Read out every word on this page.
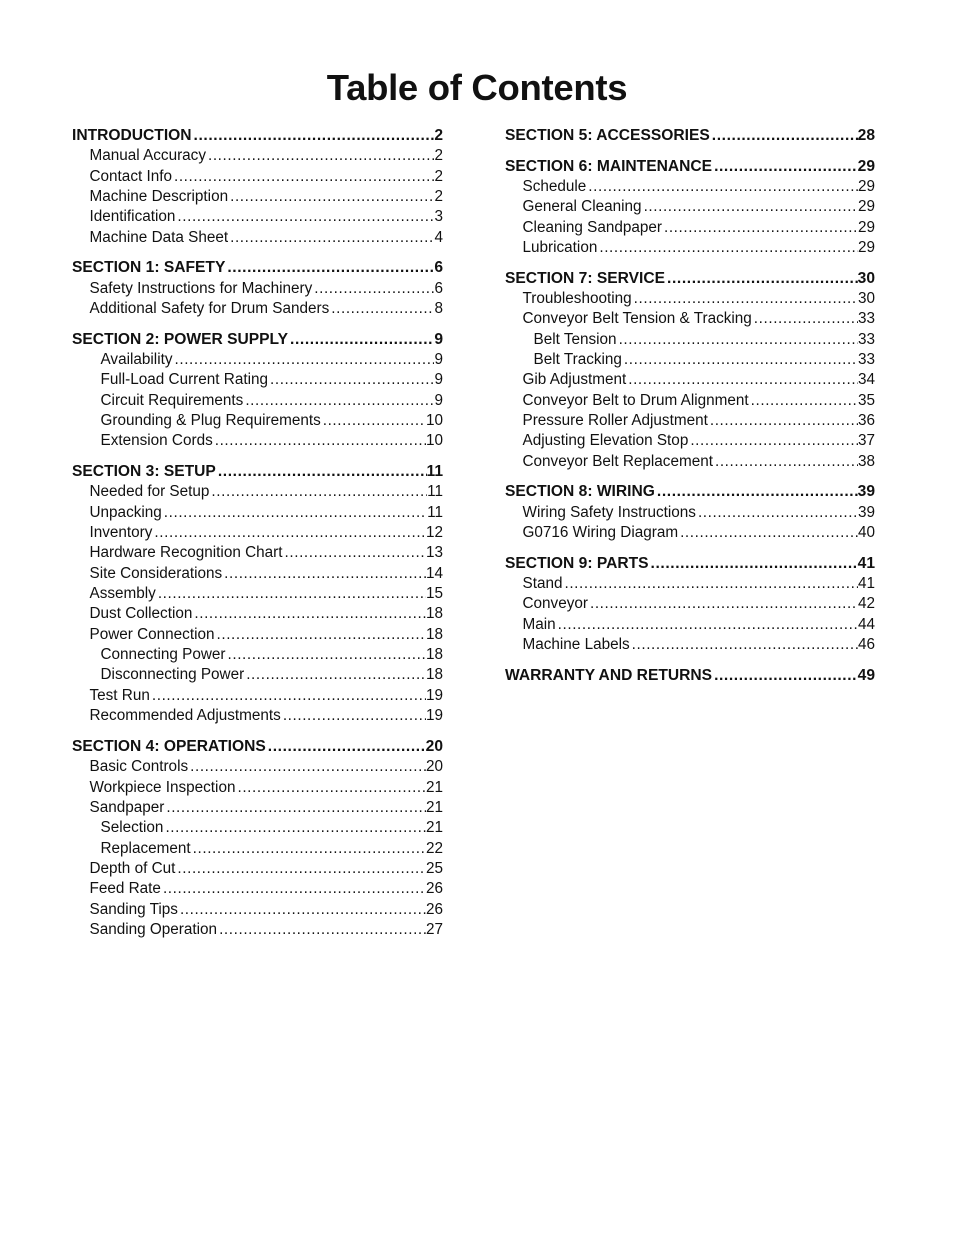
Table of Contents
INTRODUCTION .....	2
Manual Accuracy .....	2
Contact Info .....	2
Machine Description .....	2
Identification .....	3
Machine Data Sheet .....	4
SECTION 1: SAFETY .....	6
Safety Instructions for Machinery .....	6
Additional Safety for Drum Sanders .....	8
SECTION 2: POWER SUPPLY .....	9
Availability .....	9
Full-Load Current Rating .....	9
Circuit Requirements .....	9
Grounding & Plug Requirements .....	10
Extension Cords .....	10
SECTION 3: SETUP .....	11
Needed for Setup .....	11
Unpacking .....	11
Inventory .....	12
Hardware Recognition Chart .....	13
Site Considerations .....	14
Assembly .....	15
Dust Collection .....	18
Power Connection .....	18
Connecting Power .....	18
Disconnecting Power .....	18
Test Run .....	19
Recommended Adjustments .....	19
SECTION 4: OPERATIONS .....	20
Basic Controls .....	20
Workpiece Inspection .....	21
Sandpaper .....	21
Selection .....	21
Replacement .....	22
Depth of Cut .....	25
Feed Rate .....	26
Sanding Tips .....	26
Sanding Operation .....	27
SECTION 5: ACCESSORIES .....	28
SECTION 6: MAINTENANCE .....	29
Schedule .....	29
General Cleaning .....	29
Cleaning Sandpaper .....	29
Lubrication .....	29
SECTION 7: SERVICE .....	30
Troubleshooting .....	30
Conveyor Belt Tension & Tracking .....	33
Belt Tension .....	33
Belt Tracking .....	33
Gib Adjustment .....	34
Conveyor Belt to Drum Alignment .....	35
Pressure Roller Adjustment .....	36
Adjusting Elevation Stop .....	37
Conveyor Belt Replacement .....	38
SECTION 8: WIRING .....	39
Wiring Safety Instructions .....	39
G0716 Wiring Diagram .....	40
SECTION 9: PARTS .....	41
Stand .....	41
Conveyor .....	42
Main .....	44
Machine Labels .....	46
WARRANTY AND RETURNS .....	49
